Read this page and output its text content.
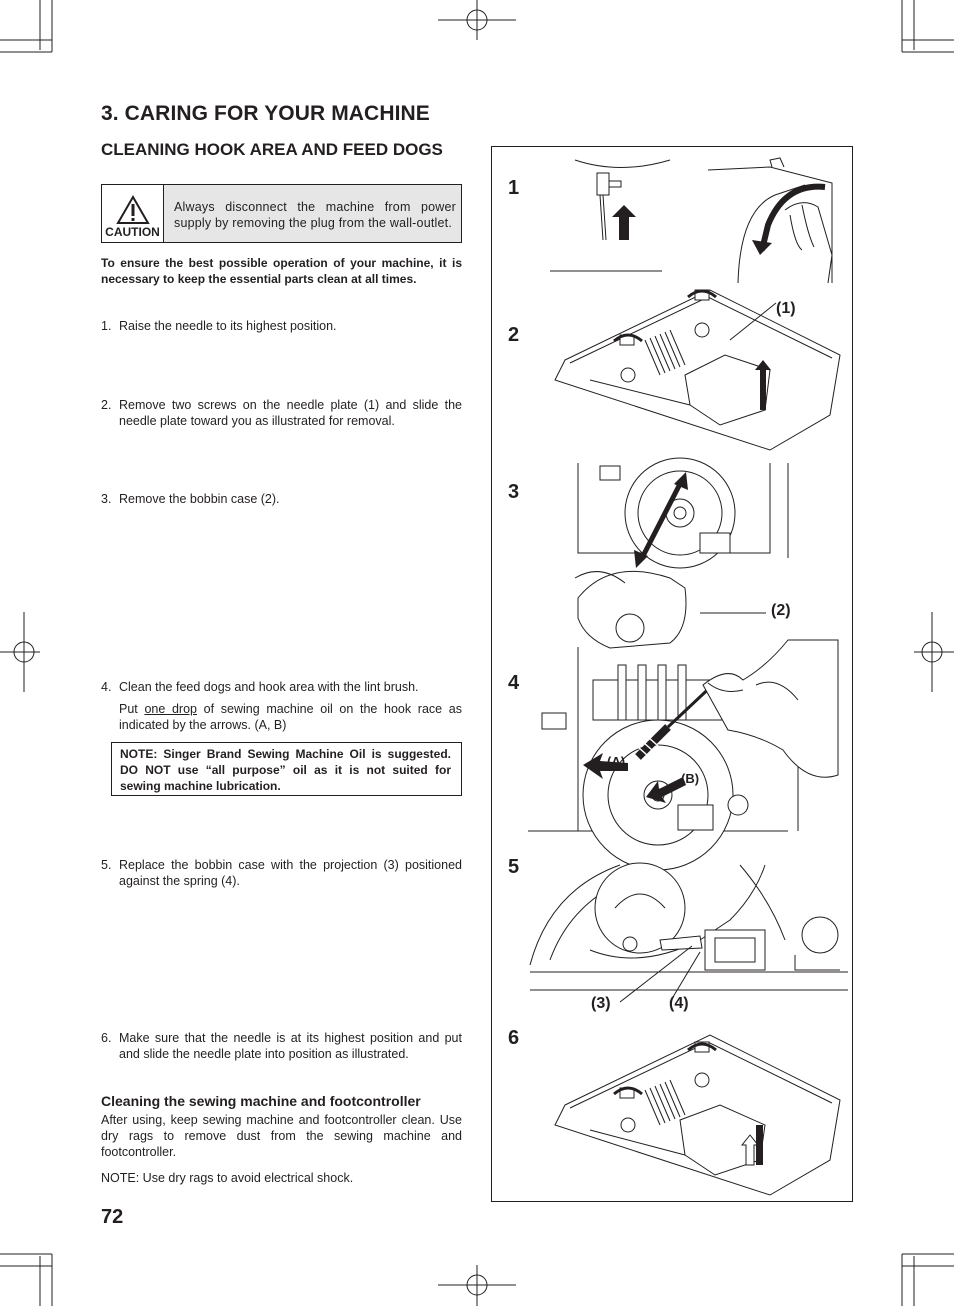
3. CARING FOR YOUR MACHINE
CLEANING HOOK AREA AND FEED DOGS
CAUTION
Always disconnect the machine from power supply by removing the plug from the wall-outlet.

To ensure the best possible operation of your machine, it is necessary to keep the essential parts clean at all times.

1. Raise the needle to its highest position.
2. Remove two screws on the needle plate (1) and slide the needle plate toward you as illustrated for removal.
3. Remove the bobbin case (2).
4. Clean the feed dogs and hook area with the lint brush.
Put one drop of sewing machine oil on the hook race as indicated by the arrows. (A, B)
NOTE: Singer Brand Sewing Machine Oil is suggested. DO NOT use “all purpose” oil as it is not suited for sewing machine lubrication.
5. Replace the bobbin case with the projection (3) positioned against the spring (4).
6. Make sure that the needle is at its highest position and put and slide the needle plate into position as illustrated.
Cleaning the sewing machine and footcontroller
After using, keep sewing machine and footcontroller clean. Use dry rags to remove dust from the sewing machine and footcontroller.
NOTE: Use dry rags to avoid electrical shock.
72
1
2
3
4
5
6
(1)
(2)
(A)
(B)
(3)	(4)
